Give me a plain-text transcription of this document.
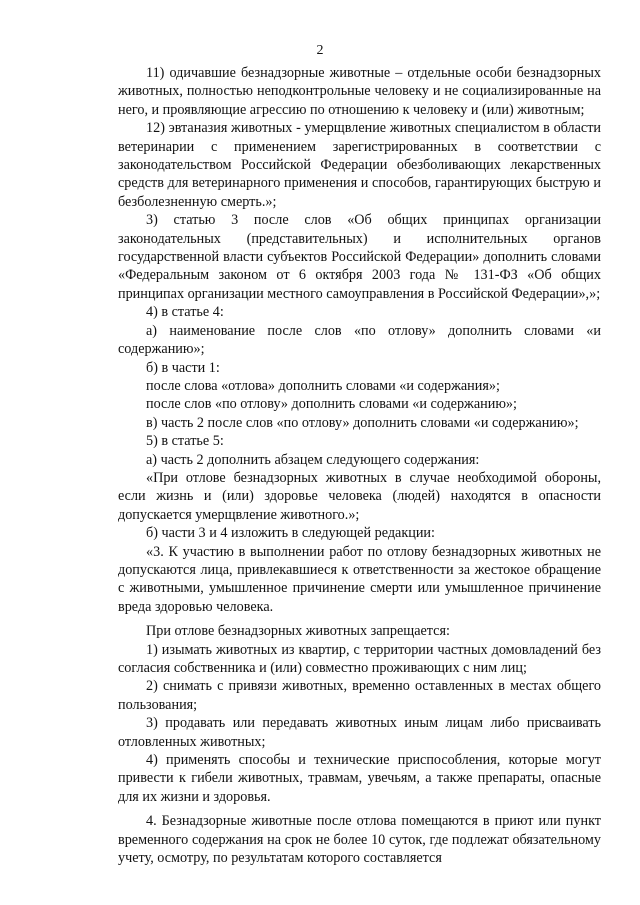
2

11) одичавшие безнадзорные животные – отдельные особи безнадзорных животных, полностью неподконтрольные человеку и не социализированные на него, и проявляющие агрессию по отношению к человеку и (или) животным;

12) эвтаназия животных - умерщвление животных специалистом в области ветеринарии с применением зарегистрированных в соответствии с законодательством Российской Федерации обезболивающих лекарственных средств для ветеринарного применения и способов, гарантирующих быструю и безболезненную смерть.»;

3) статью 3 после слов «Об общих принципах организации законодательных (представительных) и исполнительных органов государственной власти субъектов Российской Федерации» дополнить словами «Федеральным законом от 6 октября 2003 года № 131-ФЗ «Об общих принципах организации местного самоуправления в Российской Федерации»,»;

4) в статье 4:

а) наименование после слов «по отлову» дополнить словами «и содержанию»;

б) в части 1:

после слова «отлова» дополнить словами «и содержания»;

после слов «по отлову» дополнить словами «и содержанию»;

в) часть 2 после слов «по отлову» дополнить словами «и содержанию»;

5) в статье 5:

а) часть 2 дополнить абзацем следующего содержания:

«При отлове безнадзорных животных в случае необходимой обороны, если жизнь и (или) здоровье человека (людей) находятся в опасности допускается умерщвление животного.»;

б) части 3 и 4 изложить в следующей редакции:

«3. К участию в выполнении работ по отлову безнадзорных животных не допускаются лица, привлекавшиеся к ответственности за жестокое обращение с животными, умышленное причинение смерти или умышленное причинение вреда здоровью человека.

При отлове безнадзорных животных запрещается:

1) изымать животных из квартир, с территории частных домовладений без согласия собственника и (или) совместно проживающих с ним лиц;

2) снимать с привязи животных, временно оставленных в местах общего пользования;

3) продавать или передавать животных иным лицам либо присваивать отловленных животных;

4) применять способы и технические приспособления, которые могут привести к гибели животных, травмам, увечьям, а также препараты, опасные для их жизни и здоровья.

4. Безнадзорные животные после отлова помещаются в приют или пункт временного содержания на срок не более 10 суток, где подлежат обязательному учету, осмотру, по результатам которого составляется
